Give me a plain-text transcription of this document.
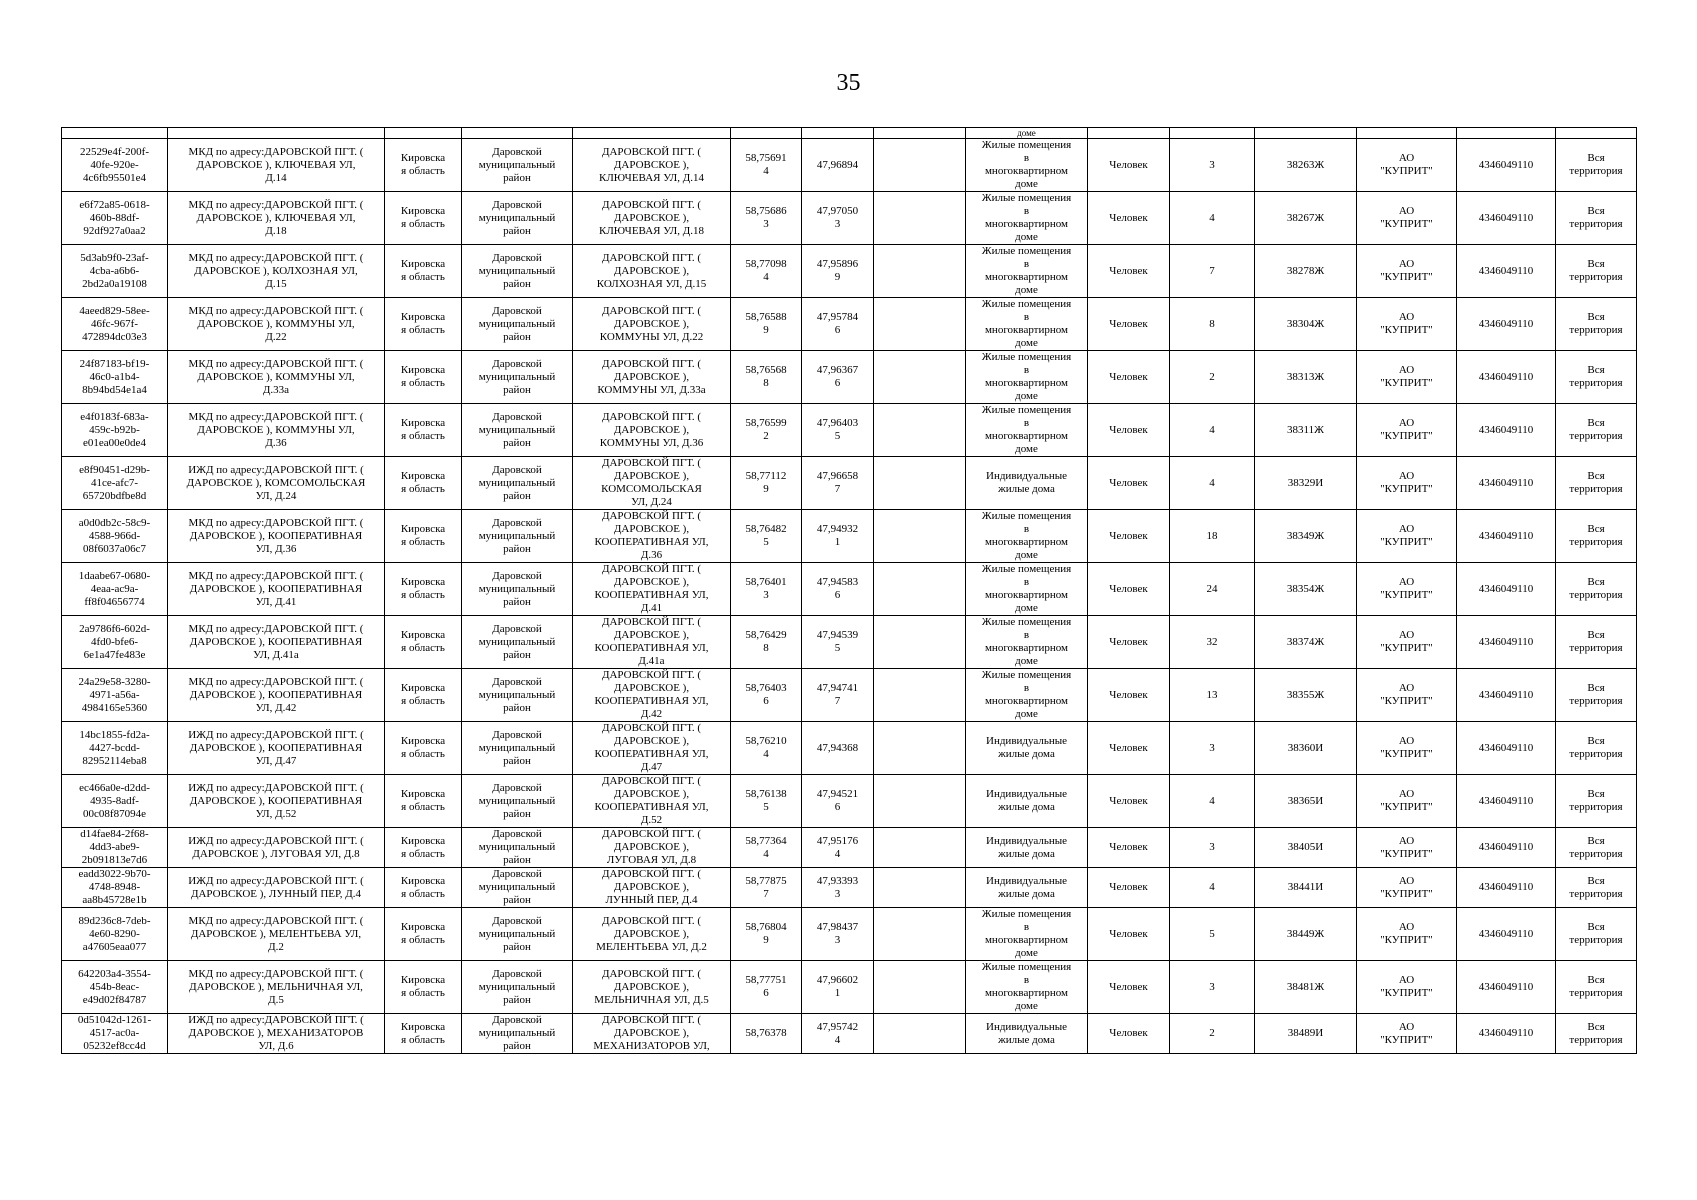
35

								доме						

22529e4f-200f-
40fe-920e-
4c6fb95501e4	МКД по адресу:ДАРОВСКОЙ ПГТ. (
ДАРОВСКОЕ ), КЛЮЧЕВАЯ УЛ,
Д.14	Кировска
я область	Даровской
муниципальный
район	ДАРОВСКОЙ ПГТ. (
ДАРОВСКОЕ ),
КЛЮЧЕВАЯ УЛ, Д.14	58,75691
4	47,96894		Жилые помещения
в
многоквартирном
доме	Человек	3	38263Ж	АО
"КУПРИТ"	4346049110	Вся
территория

e6f72a85-0618-
460b-88df-
92df927a0aa2	МКД по адресу:ДАРОВСКОЙ ПГТ. (
ДАРОВСКОЕ ), КЛЮЧЕВАЯ УЛ,
Д.18	Кировска
я область	Даровской
муниципальный
район	ДАРОВСКОЙ ПГТ. (
ДАРОВСКОЕ ),
КЛЮЧЕВАЯ УЛ, Д.18	58,75686
3	47,97050
3		Жилые помещения
в
многоквартирном
доме	Человек	4	38267Ж	АО
"КУПРИТ"	4346049110	Вся
территория

5d3ab9f0-23af-
4cba-a6b6-
2bd2a0a19108	МКД по адресу:ДАРОВСКОЙ ПГТ. (
ДАРОВСКОЕ ), КОЛХОЗНАЯ УЛ,
Д.15	Кировска
я область	Даровской
муниципальный
район	ДАРОВСКОЙ ПГТ. (
ДАРОВСКОЕ ),
КОЛХОЗНАЯ УЛ, Д.15	58,77098
4	47,95896
9		Жилые помещения
в
многоквартирном
доме	Человек	7	38278Ж	АО
"КУПРИТ"	4346049110	Вся
территория

4aeed829-58ee-
46fc-967f-
472894dc03e3	МКД по адресу:ДАРОВСКОЙ ПГТ. (
ДАРОВСКОЕ ), КОММУНЫ УЛ,
Д.22	Кировска
я область	Даровской
муниципальный
район	ДАРОВСКОЙ ПГТ. (
ДАРОВСКОЕ ),
КОММУНЫ УЛ, Д.22	58,76588
9	47,95784
6		Жилые помещения
в
многоквартирном
доме	Человек	8	38304Ж	АО
"КУПРИТ"	4346049110	Вся
территория

24f87183-bf19-
46c0-a1b4-
8b94bd54e1a4	МКД по адресу:ДАРОВСКОЙ ПГТ. (
ДАРОВСКОЕ ), КОММУНЫ УЛ,
Д.33а	Кировска
я область	Даровской
муниципальный
район	ДАРОВСКОЙ ПГТ. (
ДАРОВСКОЕ ),
КОММУНЫ УЛ, Д.33а	58,76568
8	47,96367
6		Жилые помещения
в
многоквартирном
доме	Человек	2	38313Ж	АО
"КУПРИТ"	4346049110	Вся
территория

e4f0183f-683a-
459c-b92b-
e01ea00e0de4	МКД по адресу:ДАРОВСКОЙ ПГТ. (
ДАРОВСКОЕ ), КОММУНЫ УЛ,
Д.36	Кировска
я область	Даровской
муниципальный
район	ДАРОВСКОЙ ПГТ. (
ДАРОВСКОЕ ),
КОММУНЫ УЛ, Д.36	58,76599
2	47,96403
5		Жилые помещения
в
многоквартирном
доме	Человек	4	38311Ж	АО
"КУПРИТ"	4346049110	Вся
территория

e8f90451-d29b-
41ce-afc7-
65720bdfbe8d	ИЖД по адресу:ДАРОВСКОЙ ПГТ. (
ДАРОВСКОЕ ), КОМСОМОЛЬСКАЯ
УЛ, Д.24	Кировска
я область	Даровской
муниципальный
район	ДАРОВСКОЙ ПГТ. (
ДАРОВСКОЕ ),
КОМСОМОЛЬСКАЯ
УЛ, Д.24	58,77112
9	47,96658
7		Индивидуальные
жилые дома	Человек	4	38329И	АО
"КУПРИТ"	4346049110	Вся
территория

a0d0db2c-58c9-
4588-966d-
08f6037a06c7	МКД по адресу:ДАРОВСКОЙ ПГТ. (
ДАРОВСКОЕ ), КООПЕРАТИВНАЯ
УЛ, Д.36	Кировска
я область	Даровской
муниципальный
район	ДАРОВСКОЙ ПГТ. (
ДАРОВСКОЕ ),
КООПЕРАТИВНАЯ УЛ,
Д.36	58,76482
5	47,94932
1		Жилые помещения
в
многоквартирном
доме	Человек	18	38349Ж	АО
"КУПРИТ"	4346049110	Вся
территория

1daabe67-0680-
4eaa-ac9a-
ff8f04656774	МКД по адресу:ДАРОВСКОЙ ПГТ. (
ДАРОВСКОЕ ), КООПЕРАТИВНАЯ
УЛ, Д.41	Кировска
я область	Даровской
муниципальный
район	ДАРОВСКОЙ ПГТ. (
ДАРОВСКОЕ ),
КООПЕРАТИВНАЯ УЛ,
Д.41	58,76401
3	47,94583
6		Жилые помещения
в
многоквартирном
доме	Человек	24	38354Ж	АО
"КУПРИТ"	4346049110	Вся
территория

2a9786f6-602d-
4fd0-bfe6-
6e1a47fe483e	МКД по адресу:ДАРОВСКОЙ ПГТ. (
ДАРОВСКОЕ ), КООПЕРАТИВНАЯ
УЛ, Д.41а	Кировска
я область	Даровской
муниципальный
район	ДАРОВСКОЙ ПГТ. (
ДАРОВСКОЕ ),
КООПЕРАТИВНАЯ УЛ,
Д.41а	58,76429
8	47,94539
5		Жилые помещения
в
многоквартирном
доме	Человек	32	38374Ж	АО
"КУПРИТ"	4346049110	Вся
территория

24a29e58-3280-
4971-a56a-
4984165e5360	МКД по адресу:ДАРОВСКОЙ ПГТ. (
ДАРОВСКОЕ ), КООПЕРАТИВНАЯ
УЛ, Д.42	Кировска
я область	Даровской
муниципальный
район	ДАРОВСКОЙ ПГТ. (
ДАРОВСКОЕ ),
КООПЕРАТИВНАЯ УЛ,
Д.42	58,76403
6	47,94741
7		Жилые помещения
в
многоквартирном
доме	Человек	13	38355Ж	АО
"КУПРИТ"	4346049110	Вся
территория

14bc1855-fd2a-
4427-bcdd-
82952114eba8	ИЖД по адресу:ДАРОВСКОЙ ПГТ. (
ДАРОВСКОЕ ), КООПЕРАТИВНАЯ
УЛ, Д.47	Кировска
я область	Даровской
муниципальный
район	ДАРОВСКОЙ ПГТ. (
ДАРОВСКОЕ ),
КООПЕРАТИВНАЯ УЛ,
Д.47	58,76210
4	47,94368		Индивидуальные
жилые дома	Человек	3	38360И	АО
"КУПРИТ"	4346049110	Вся
территория

ec466a0e-d2dd-
4935-8adf-
00c08f87094e	ИЖД по адресу:ДАРОВСКОЙ ПГТ. (
ДАРОВСКОЕ ), КООПЕРАТИВНАЯ
УЛ, Д.52	Кировска
я область	Даровской
муниципальный
район	ДАРОВСКОЙ ПГТ. (
ДАРОВСКОЕ ),
КООПЕРАТИВНАЯ УЛ,
Д.52	58,76138
5	47,94521
6		Индивидуальные
жилые дома	Человек	4	38365И	АО
"КУПРИТ"	4346049110	Вся
территория

d14fae84-2f68-
4dd3-abe9-
2b091813e7d6	ИЖД по адресу:ДАРОВСКОЙ ПГТ. (
ДАРОВСКОЕ ), ЛУГОВАЯ УЛ, Д.8	Кировска
я область	Даровской
муниципальный
район	ДАРОВСКОЙ ПГТ. (
ДАРОВСКОЕ ),
ЛУГОВАЯ УЛ, Д.8	58,77364
4	47,95176
4		Индивидуальные
жилые дома	Человек	3	38405И	АО
"КУПРИТ"	4346049110	Вся
территория

eadd3022-9b70-
4748-8948-
aa8b45728e1b	ИЖД по адресу:ДАРОВСКОЙ ПГТ. (
ДАРОВСКОЕ ), ЛУННЫЙ ПЕР, Д.4	Кировска
я область	Даровской
муниципальный
район	ДАРОВСКОЙ ПГТ. (
ДАРОВСКОЕ ),
ЛУННЫЙ ПЕР, Д.4	58,77875
7	47,93393
3		Индивидуальные
жилые дома	Человек	4	38441И	АО
"КУПРИТ"	4346049110	Вся
территория

89d236c8-7deb-
4e60-8290-
a47605eaa077	МКД по адресу:ДАРОВСКОЙ ПГТ. (
ДАРОВСКОЕ ), МЕЛЕНТЬЕВА УЛ,
Д.2	Кировска
я область	Даровской
муниципальный
район	ДАРОВСКОЙ ПГТ. (
ДАРОВСКОЕ ),
МЕЛЕНТЬЕВА УЛ, Д.2	58,76804
9	47,98437
3		Жилые помещения
в
многоквартирном
доме	Человек	5	38449Ж	АО
"КУПРИТ"	4346049110	Вся
территория

642203a4-3554-
454b-8eac-
e49d02f84787	МКД по адресу:ДАРОВСКОЙ ПГТ. (
ДАРОВСКОЕ ), МЕЛЬНИЧНАЯ УЛ,
Д.5	Кировска
я область	Даровской
муниципальный
район	ДАРОВСКОЙ ПГТ. (
ДАРОВСКОЕ ),
МЕЛЬНИЧНАЯ УЛ, Д.5	58,77751
6	47,96602
1		Жилые помещения
в
многоквартирном
доме	Человек	3	38481Ж	АО
"КУПРИТ"	4346049110	Вся
территория

0d51042d-1261-
4517-ac0a-
05232ef8cc4d	ИЖД по адресу:ДАРОВСКОЙ ПГТ. (
ДАРОВСКОЕ ), МЕХАНИЗАТОРОВ
УЛ, Д.6	Кировска
я область	Даровской
муниципальный
район	ДАРОВСКОЙ ПГТ. (
ДАРОВСКОЕ ),
МЕХАНИЗАТОРОВ УЛ,	58,76378	47,95742
4		Индивидуальные
жилые дома	Человек	2	38489И	АО
"КУПРИТ"	4346049110	Вся
территория
